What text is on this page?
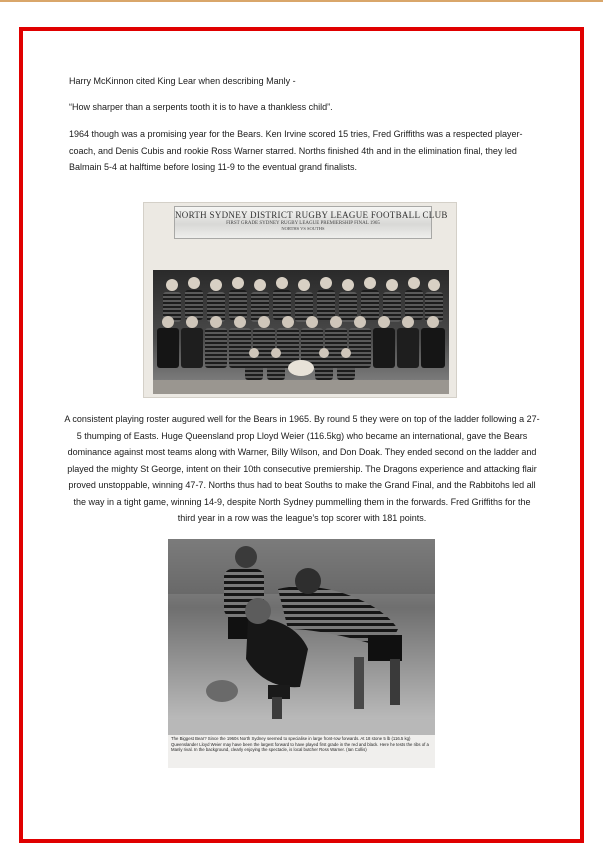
Harry McKinnon cited King Lear when describing Manly -

“How sharper than a serpents tooth it is to have a thankless child”.

1964 though was a promising year for the Bears. Ken Irvine scored 15 tries, Fred Griffiths was a respected player-coach, and Denis Cubis and rookie Ross Warner starred. Norths finished 4th and in the elimination final, they led Balmain 5-4 at halftime before losing 11-9 to the eventual grand finalists.

NORTH SYDNEY DISTRICT RUGBY LEAGUE FOOTBALL CLUB
FIRST GRADE SYDNEY RUGBY LEAGUE PREMIERSHIP FINAL 1965
NORTHS VS SOUTHS

A consistent playing roster augured well for the Bears in 1965. By round 5 they were on top of the ladder following a 27-5 thumping of Easts. Huge Queensland prop Lloyd Weier (116.5kg) who became an international, gave the Bears dominance against most teams along with Warner, Billy Wilson, and Don Doak. They ended second on the ladder and played the mighty St George, intent on their 10th consecutive premiership. The Dragons experience and attacking flair proved unstoppable, winning 47-7. Norths thus had to beat Souths to make the Grand Final, and the Rabbitohs led all the way in a tight game, winning 14-9, despite North Sydney pummelling them in the forwards. Fred Griffiths for the third year in a row was the league’s top scorer with 181 points.

The Biggest Bear? Since the 1960s North Sydney seemed to specialise in large front-row forwards. At 18 stone 5 lb (116.5 kg) Queenslander Lloyd Weier may have been the largest forward to have played first grade in the red and black. Here he tests the ribs of a Manly rival. In the background, clearly enjoying the spectacle, is local butcher Ross Warner. (Ian Collis)
